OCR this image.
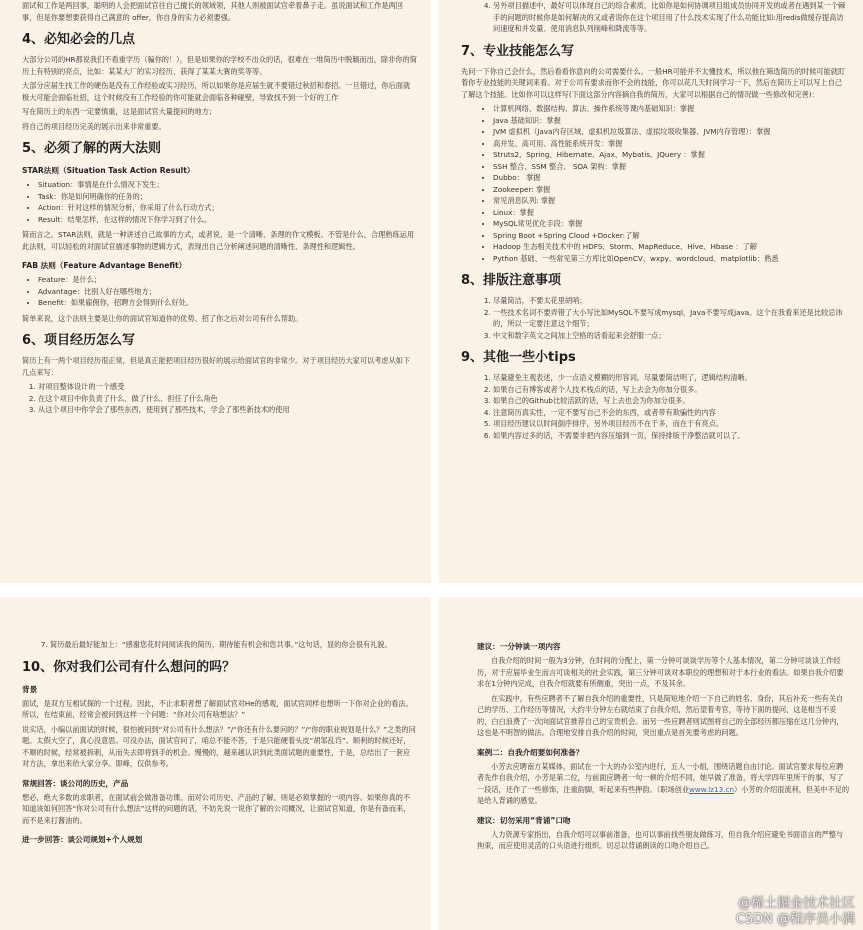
面试和工作是两回事，聪明的人会把面试官往自己擅长的领域领，其他人则被面试官牵着鼻子走。虽说面试和工作是两回事，但是你要想要获得自己满意的 offer，你自身的实力必须要强。

4、必知必会的几点

大部分公司的HR都说我们不看重学历（骗你的！），但是如果你的学校不出众的话，很难在一堆简历中脱颖而出，除非你的简历上有特别的亮点，比如：某某大厂的实习经历、获得了某某大赛的奖等等。

大部分应届生找工作的硬伤是没有工作经验或实习经历，所以如果你是应届生就不要错过秋招和春招。一旦错过，你后面就极大可能会面临社招，这个时候没有工作经验的你可能就会面临各种碰壁，导致找不到一个好的工作

写在简历上的东西一定要慎重，这是面试官大量提问的地方；

将自己的项目经历完美的展示出来非常重要。

5、必须了解的两大法则
STAR法则（Situation Task Action Result）
• Situation：事情是在什么情况下发生；
• Task：你是如何明确你的任务的；
• Action：针对这样的情况分析，你采用了什么行动方式；
• Result：结果怎样，在这样的情况下你学习到了什么。

简而言之，STAR法则，就是一种讲述自己故事的方式，或者说，是一个清晰、条理的作文模板。不管是什么，合理熟练运用此法则，可以轻松的对面试官描述事物的逻辑方式，表现出自己分析阐述问题的清晰性、条理性和逻辑性。

FAB 法则（Feature Advantage Benefit）
• Feature：是什么；
• Advantage：比别人好在哪些地方；
• Benefit：如果雇佣你，招聘方会得到什么好处。

简单来说，这个法则主要是让你的面试官知道你的优势、招了你之后对公司有什么帮助。

6、项目经历怎么写

简历上有一两个项目经历很正常，但是真正能把项目经历很好的展示给面试官的非常少。对于项目经历大家可以考虑从如下几点来写：

1. 对项目整体设计的一个感受
2. 在这个项目中你负责了什么、做了什么、担任了什么角色
3. 从这个项目中你学会了那些东西，使用到了那些技术，学会了那些新技术的使用
4. 另外项目描述中，最好可以体现自己的综合素质，比如你是如何协调项目组成员协同开发的或者在遇到某一个棘手的问题的时候你是如何解决的又或者说你在这个项目用了什么技术实现了什么功能比如:用redis做缓存提高访问速度和并发量、使用消息队列削峰和降流等等。
7、专业技能怎么写

先问一下你自己会什么，然后看看你意向的公司需要什么。一般HR可能并不太懂技术，所以他在筛选简历的时候可能就盯着你专业技能的关键词来看。对于公司有要求而你不会的技能，你可以花几天时间学习一下，然后在简历上可以写上自己了解这个技能。比如你可以这样写(下面这部分内容摘自我的简历，大家可以根据自己的情况做一些修改和完善)：

• 计算机网络、数据结构、算法、操作系统等课内基础知识：掌握
• Java 基础知识：掌握
• JVM 虚拟机（Java内存区域、虚拟机垃圾算法、虚拟垃圾收集器、JVM内存管理）：掌握
• 高并发、高可用、高性能系统开发：掌握
• Struts2、Spring、Hibernate、Ajax、Mybatis、JQuery ：掌握
• SSH 整合、SSM 整合、 SOA 架构：掌握
• Dubbo： 掌握
• Zookeeper: 掌握
• 常见消息队列: 掌握
• Linux：掌握
• MySQL常见优化手段：掌握
• Spring Boot +Spring Cloud +Docker:了解
• Hadoop 生态相关技术中的 HDFS、Storm、MapReduce、Hive、Hbase ：了解
• Python 基础、一些常见第三方库比如OpenCV、wxpy、wordcloud、matplotlib：熟悉
8、排版注意事项
1. 尽量简洁，不要太花里胡哨；
2. 一些技术名词不要弄错了大小写比如MySQL不要写成mysql，Java不要写成java。这个在我看来还是比较忌讳的，所以一定要注意这个细节；
3. 中文和数字英文之间加上空格的话看起来会舒服一点；
9、其他一些小tips
1. 尽量避免主观表述，少一点语义模糊的形容词，尽量要简洁明了，逻辑结构清晰。
2. 如果自己有博客或者个人技术栈点的话，写上去会为你加分很多。
3. 如果自己的Github比较活跃的话，写上去也会为你加分很多。
4. 注意简历真实性，一定不要写自己不会的东西，或者带有欺骗性的内容
5. 项目经历建议以时间倒序排序，另外项目经历不在于多，而在于有亮点。
6. 如果内容过多的话，不需要非把内容压缩到一页，保持排版干净整洁就可以了。
7. 简历最后最好能加上：“感谢您花时间阅读我的简历，期待能有机会和您共事。”这句话，显的你会很有礼貌。
10、你对我们公司有什么想问的吗？
背景

面试，是双方互相试探的一个过程。因此，不止求职者想了解面试官对He的感观，面试官同样也想听一下你对企业的看法。所以，在结束前，经常会被问到这样一个问题：“你对公司有啥想法？”

说实话，小编以前面试的时候，很怕被问到“对公司有什么想法？”/“你还有什么要问的？”/“你的职业规划是什么？”之类的问题。太假大空了，真心没意思。可没办法，面试官问了，咱总不能不答，于是只能硬着头皮“胡邹乱诌”。顺利的时候还好，不顺的时候，经常被拆刺，从而失去即将到手的机会。慢慢的，越来越认识到此类面试题的重要性，于是，总结出了一套应对方法，拿出来给大家分享。即峰，仅供参考。

常规回答：谈公司的历史，产品

想必，绝大多数的求职者，在面试前会做准备功课。而对公司历史、产品的了解，则是必须掌握的一项内容。如果你真的不知道该如何回答“你对公司有什么想法”这样的问题的话，不妨先说一说你了解的公司概况，让面试官知道，你是有备而来，而不是来打酱油的。

进一步回答：谈公司规划+个人规划
建议：一分钟谈一项内容

自我介绍的时间一般为3分钟，在时间的分配上，第一分钟可谈谈学历等个人基本情况，第二分钟可谈谈工作经历，对于应届毕业生而言可谈相关的社会实践，第三分钟可谈对本职位的理想和对于本行业的看法。如果自我介绍要求在1分钟内完成，自我介绍就要有所侧重，突出一点，不及其余。

在实践中，有些应聘者不了解自我介绍的重要性，只是简短地介绍一下自己的姓名、身份，其后补充一些有关自己的学历、工作经历等情况，大约半分钟左右就结束了自我介绍，然后望着考官，等待下面的提问，这是相当不妥的，白白浪费了一次向面试官推荐自己的宝贵机会。而另一些应聘者则试图将自己的全部经历都压缩在这几分钟内，这也是不明智的做法。合理地安排自我介绍的时间，突出重点是首先要考虑的问题。

案例二：自我介绍要如何准备？

小芳去应聘南方某媒体，面试在一个大的办公室内进行，五人一小组，围绕话题自由讨论。面试官要求每位应聘者先作自我介绍，小芳是第二位，与前面应聘者一句一顿的介绍不同，她早做了准备，将大学四年里所干的事，写了一段话，还作了一些修饰，注重韵脚，听起来有些押韵。（职场创业www.lz13.cn）小芳的介绍很流利，但美中不足的是给人背诵的感觉。

建议：切勿采用“背诵”口吻

人力资源专家指出，自我介绍可以事前准备，也可以事前找些朋友做练习，但自我介绍应避免书面语言的严整与拘束，而应使用灵活的口头语进行组织。切忌以背诵朗读的口吻介绍自己。

@稀土掘金技术社区
CSDN @程序员小满
